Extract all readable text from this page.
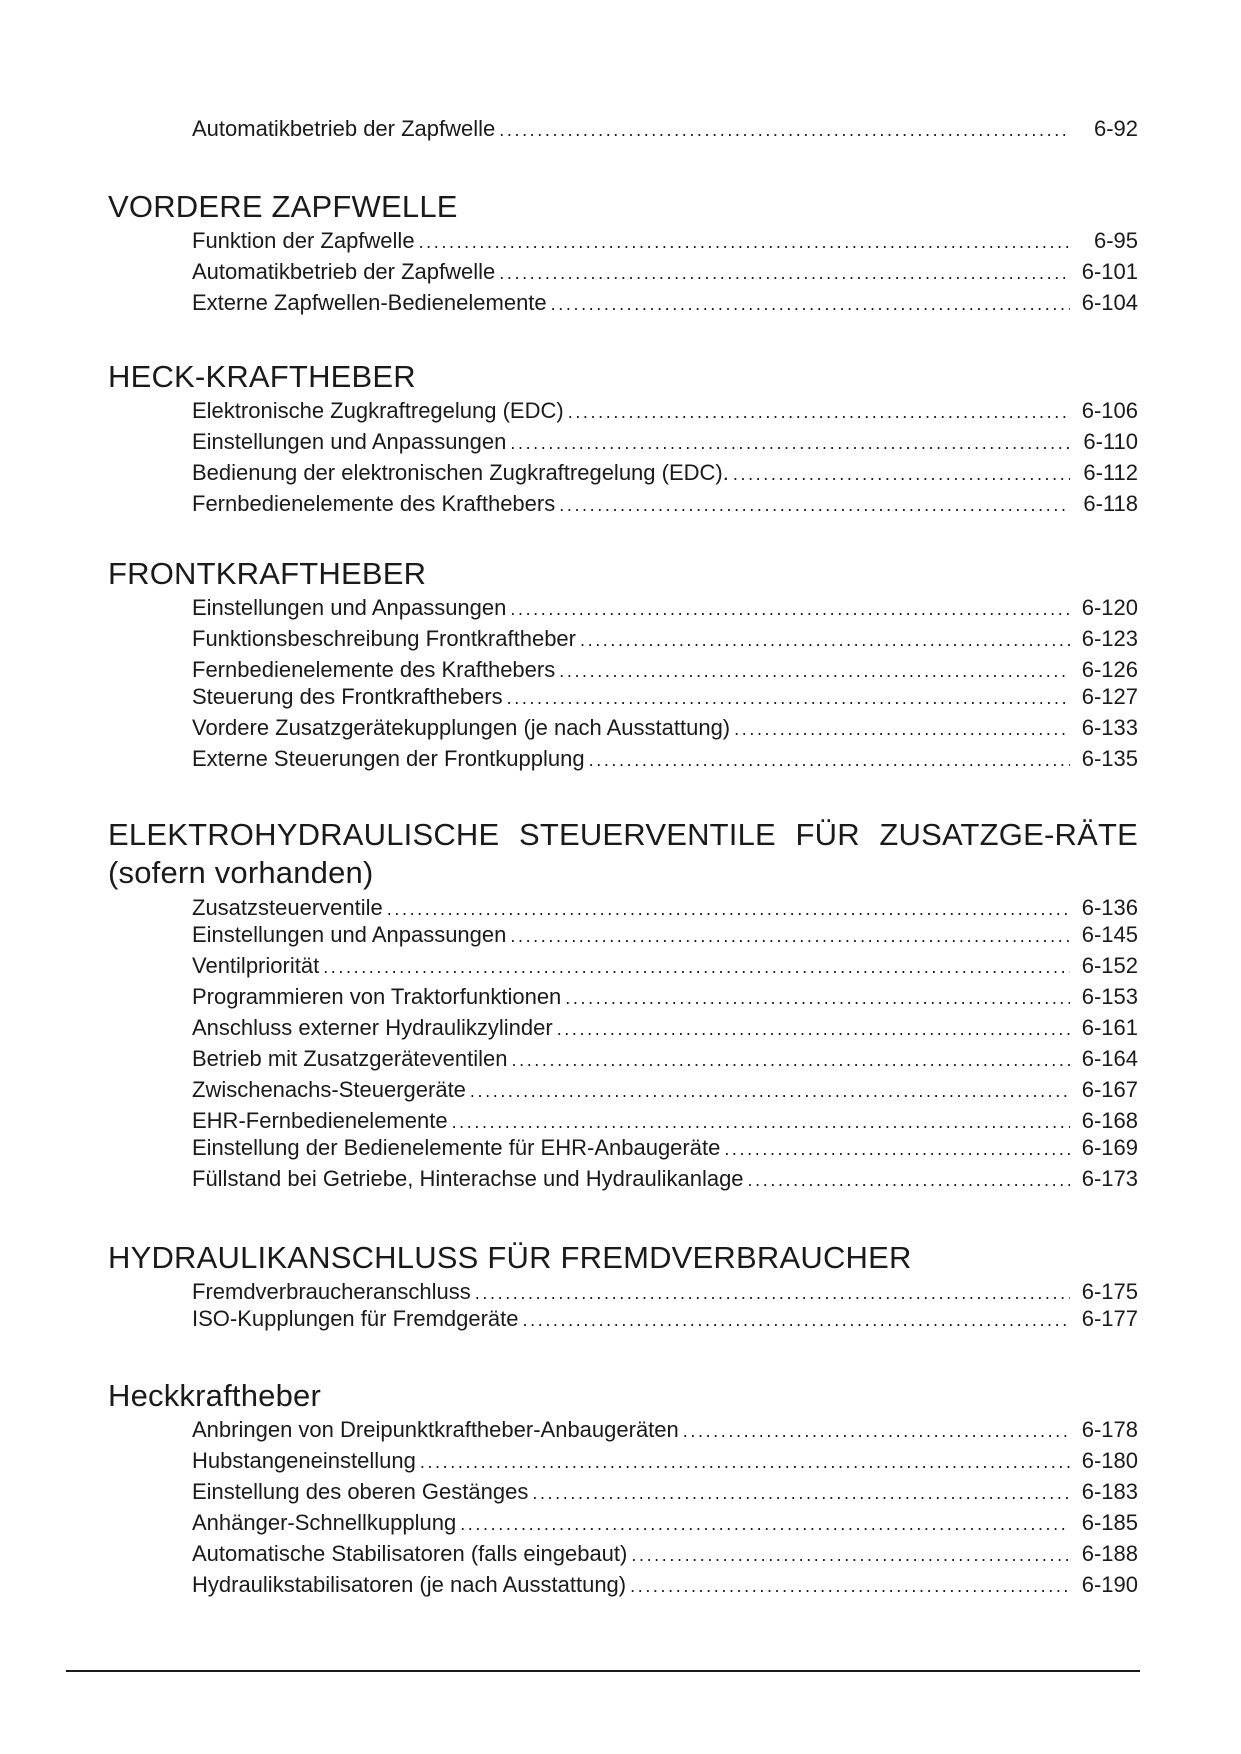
Automatikbetrieb der Zapfwelle . . .	6-92
VORDERE ZAPFWELLE
Funktion der Zapfwelle . . .	6-95
Automatikbetrieb der Zapfwelle . . .	6-101
Externe Zapfwellen-Bedienelemente . . .	6-104
HECK-KRAFTHEBER
Elektronische Zugkraftregelung (EDC) . . .	6-106
Einstellungen und Anpassungen . . .	6-110
Bedienung der elektronischen Zugkraftregelung (EDC). . . .	6-112
Fernbedienelemente des Krafthebers . . .	6-118
FRONTKRAFTHEBER
Einstellungen und Anpassungen . . .	6-120
Funktionsbeschreibung Frontkraftheber . . .	6-123
Fernbedienelemente des Krafthebers . . .	6-126
Steuerung des Frontkrafthebers . . .	6-127
Vordere Zusatzgerätekupplungen (je nach Ausstattung) . . .	6-133
Externe Steuerungen der Frontkupplung . . .	6-135
ELEKTROHYDRAULISCHE STEUERVENTILE FÜR ZUSATZGE-RÄTE (sofern vorhanden)
Zusatzsteuerventile . . .	6-136
Einstellungen und Anpassungen . . .	6-145
Ventilpriorität . . .	6-152
Programmieren von Traktorfunktionen . . .	6-153
Anschluss externer Hydraulikzylinder . . .	6-161
Betrieb mit Zusatzgeräteventilen . . .	6-164
Zwischenachs-Steuergeräte . . .	6-167
EHR-Fernbedienelemente . . .	6-168
Einstellung der Bedienelemente für EHR-Anbaugeräte . . .	6-169
Füllstand bei Getriebe, Hinterachse und Hydraulikanlage . . .	6-173
HYDRAULIKANSCHLUSS FÜR FREMDVERBRAUCHER
Fremdverbraucheranschluss . . .	6-175
ISO-Kupplungen für Fremdgeräte . . .	6-177
Heckkraftheber
Anbringen von Dreipunktkraftheber-Anbaugeräten . . .	6-178
Hubstangeneinstellung . . .	6-180
Einstellung des oberen Gestänges . . .	6-183
Anhänger-Schnellkupplung . . .	6-185
Automatische Stabilisatoren (falls eingebaut) . . .	6-188
Hydraulikstabilisatoren (je nach Ausstattung) . . .	6-190
